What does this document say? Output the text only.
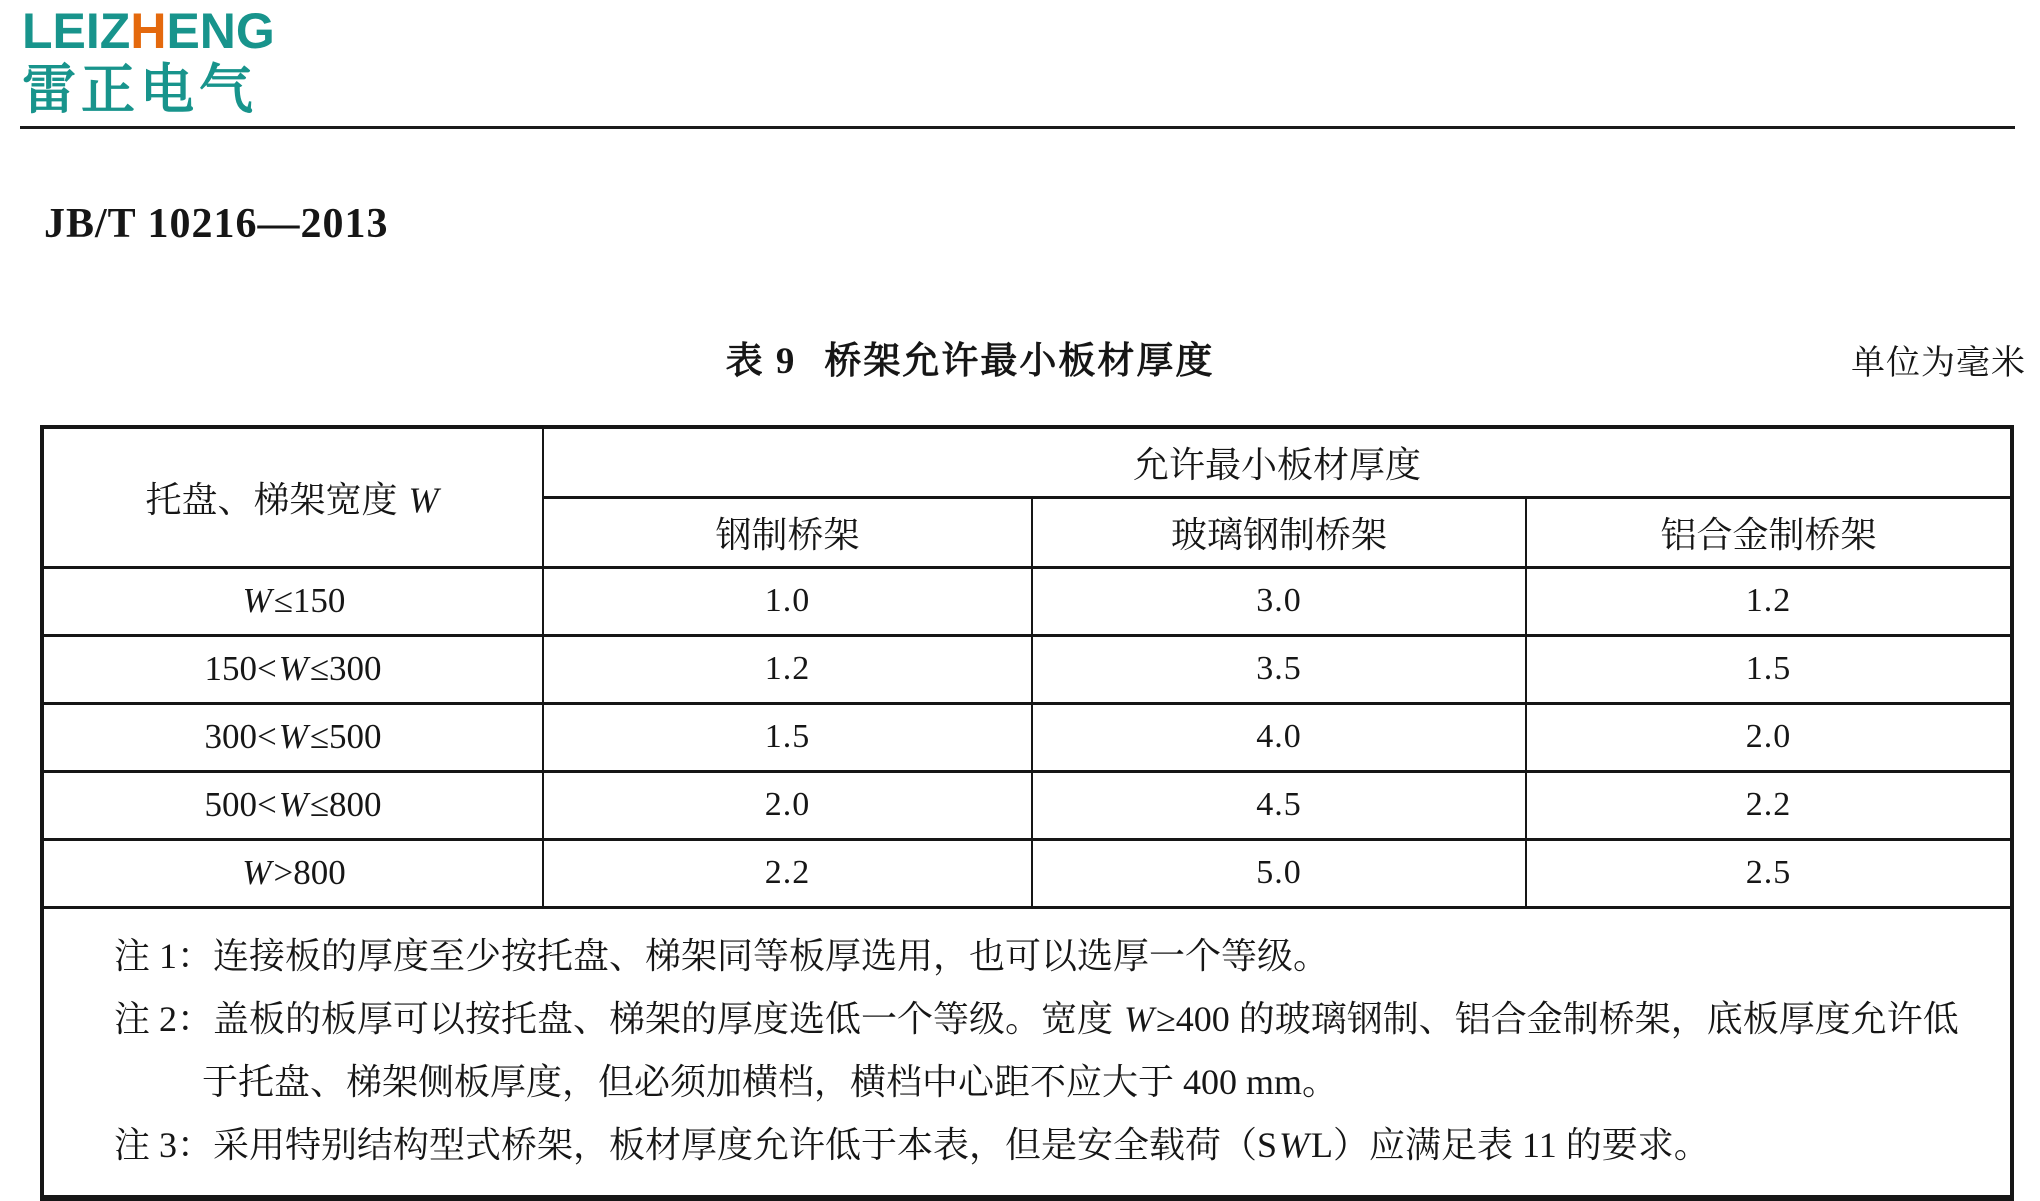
LEIZHENG
雷正电气
JB/T 10216—2013
表 9 桥架允许最小板材厚度	单位为毫米
托盘、梯架宽度 W	允许最小板材厚度		
	钢制桥架	玻璃钢制桥架	铝合金制桥架
W≤150	1.0	3.0	1.2
150<W≤300	1.2	3.5	1.5
300<W≤500	1.5	4.0	2.0
500<W≤800	2.0	4.5	2.2
W>800	2.2	5.0	2.5

注 1：连接板的厚度至少按托盘、梯架同等板厚选用，也可以选厚一个等级。
注 2：盖板的板厚可以按托盘、梯架的厚度选低一个等级。宽度 W≥400 的玻璃钢制、铝合金制桥架，底板厚度允许低于托盘、梯架侧板厚度，但必须加横档，横档中心距不应大于 400 mm。
注 3：采用特别结构型式桥架，板材厚度允许低于本表，但是安全载荷（SWL）应满足表 11 的要求。			
